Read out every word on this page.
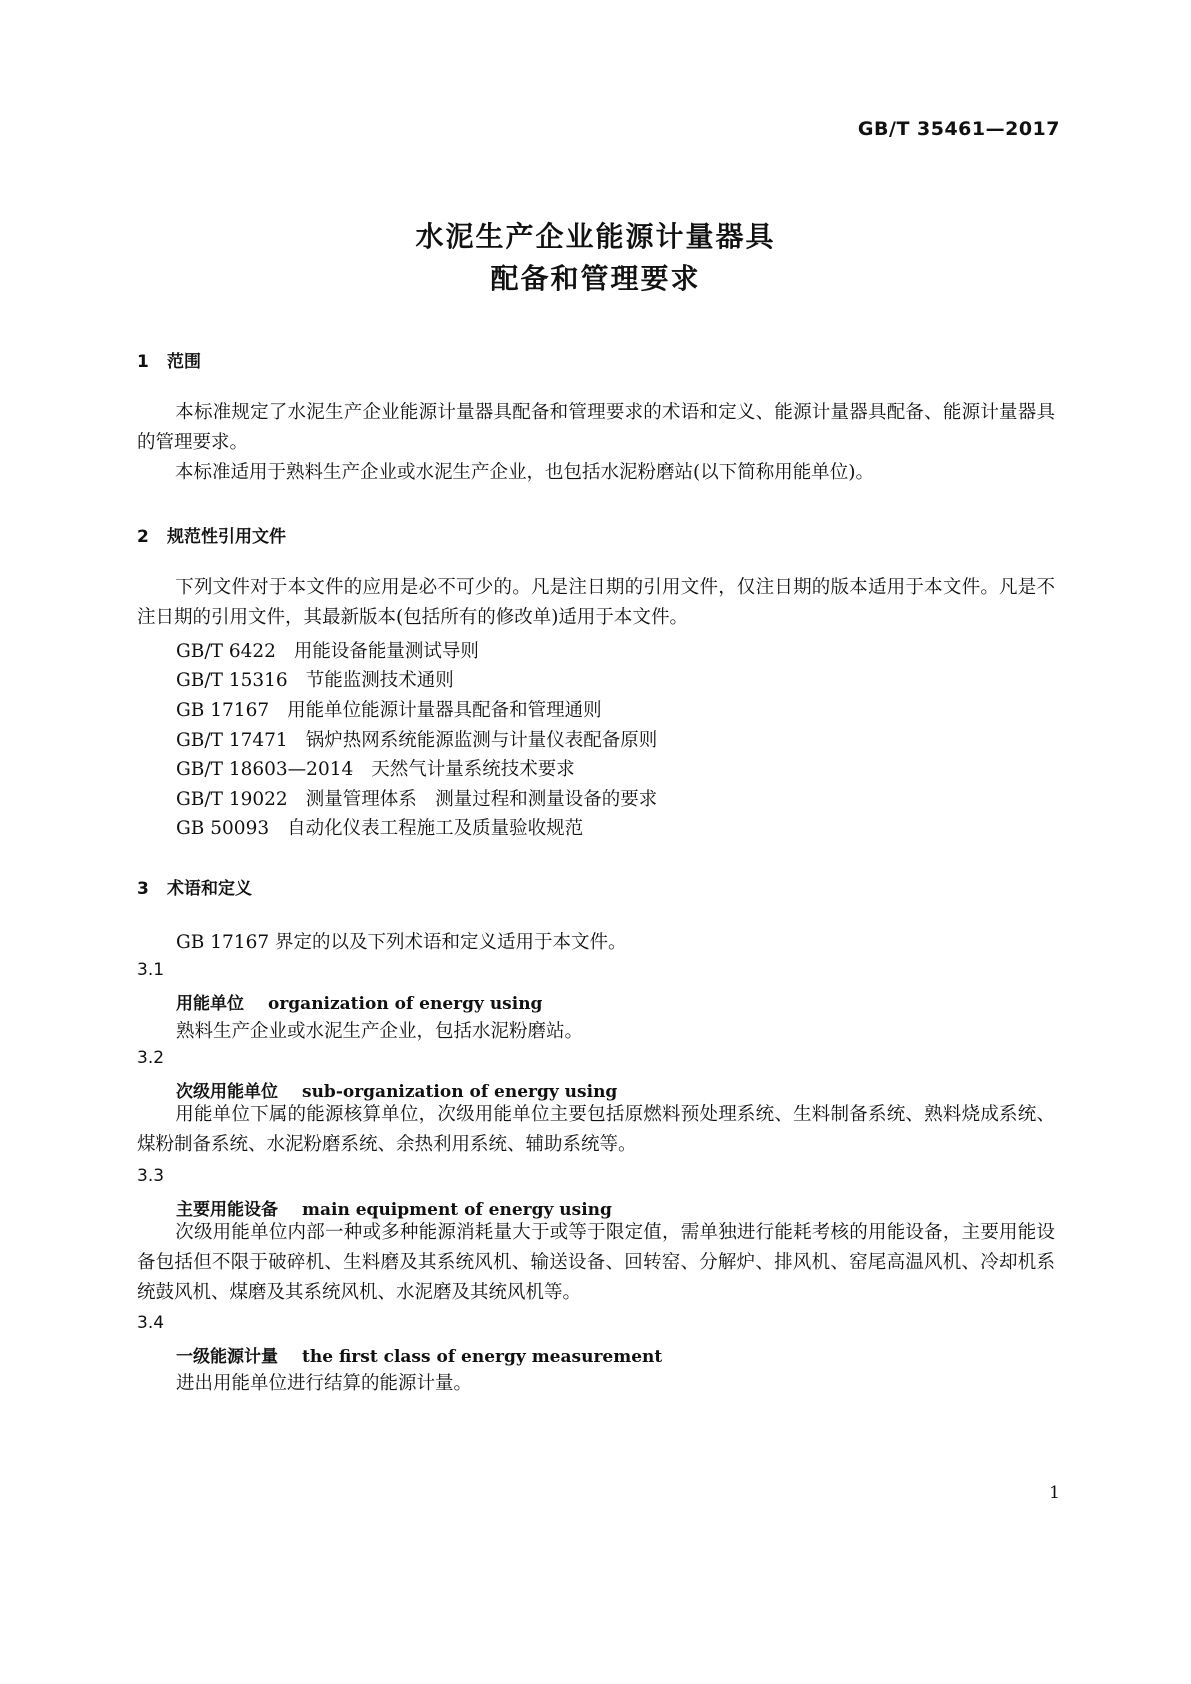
GB/T 35461—2017
水泥生产企业能源计量器具
配备和管理要求
1 范围
本标准规定了水泥生产企业能源计量器具配备和管理要求的术语和定义、能源计量器具配备、能源计量器具的管理要求。
本标准适用于熟料生产企业或水泥生产企业，也包括水泥粉磨站(以下简称用能单位)。
2 规范性引用文件
下列文件对于本文件的应用是必不可少的。凡是注日期的引用文件，仅注日期的版本适用于本文件。凡是不注日期的引用文件，其最新版本(包括所有的修改单)适用于本文件。
GB/T 6422 用能设备能量测试导则
GB/T 15316 节能监测技术通则
GB 17167 用能单位能源计量器具配备和管理通则
GB/T 17471 锅炉热网系统能源监测与计量仪表配备原则
GB/T 18603—2014 天然气计量系统技术要求
GB/T 19022 测量管理体系　测量过程和测量设备的要求
GB 50093 自动化仪表工程施工及质量验收规范
3 术语和定义
GB 17167 界定的以及下列术语和定义适用于本文件。
3.1
用能单位 organization of energy using
熟料生产企业或水泥生产企业，包括水泥粉磨站。
3.2
次级用能单位 sub-organization of energy using
用能单位下属的能源核算单位，次级用能单位主要包括原燃料预处理系统、生料制备系统、熟料烧成系统、煤粉制备系统、水泥粉磨系统、余热利用系统、辅助系统等。
3.3
主要用能设备 main equipment of energy using
次级用能单位内部一种或多种能源消耗量大于或等于限定值，需单独进行能耗考核的用能设备，主要用能设备包括但不限于破碎机、生料磨及其系统风机、输送设备、回转窑、分解炉、排风机、窑尾高温风机、冷却机系统鼓风机、煤磨及其系统风机、水泥磨及其统风机等。
3.4
一级能源计量 the first class of energy measurement
进出用能单位进行结算的能源计量。
1
